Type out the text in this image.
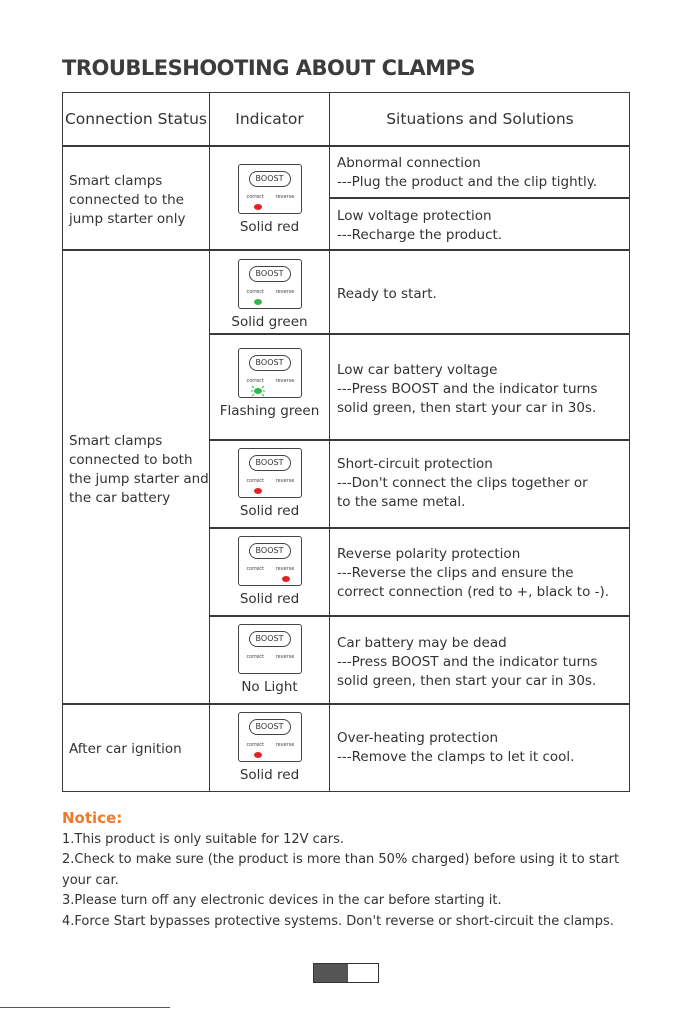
TROUBLESHOOTING ABOUT CLAMPS
Connection Status	Indicator	Situations and Solutions
Smart clamps connected to the jump starter only
Smart clamps connected to both the jump starter and the car battery
After car ignition
BOOST
correct reverse
Solid red
BOOST
correct reverse
Solid green
BOOST
correct reverse
Flashing green
BOOST
correct reverse
Solid red
BOOST
correct reverse
Solid red
BOOST
correct reverse
No Light
BOOST
correct reverse
Solid red
Abnormal connection
---Plug the product and the clip tightly.
Low voltage protection
---Recharge the product.
Ready to start.
Low car battery voltage
---Press BOOST and the indicator turns
solid green, then start your car in 30s.
Short-circuit protection
---Don't connect the clips together or
to the same metal.
Reverse polarity protection
---Reverse the clips and ensure the
correct connection (red to +, black to -).
Car battery may be dead
---Press BOOST and the indicator turns
solid green, then start your car in 30s.
Over-heating protection
---Remove the clamps to let it cool.
Notice:

1.This product is only suitable for 12V cars.

2.Check to make sure (the product is more than 50% charged) before using it to start your car.

3.Please turn off any electronic devices in the car before starting it.

4.Force Start bypasses protective systems. Don't reverse or short-circuit the clamps.
